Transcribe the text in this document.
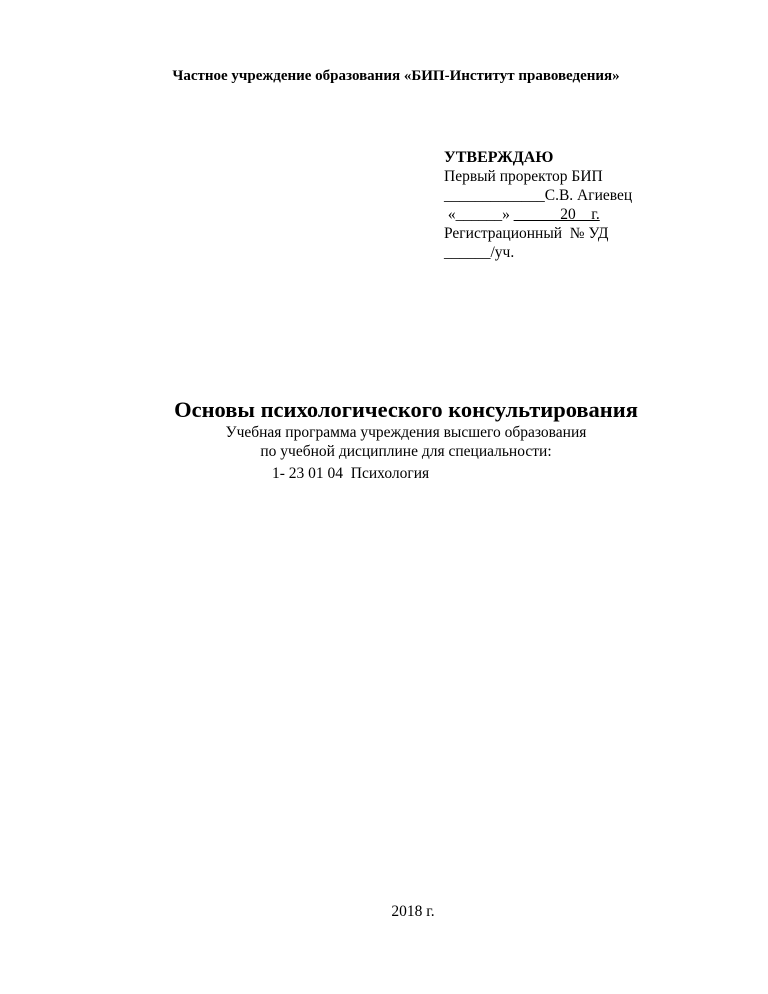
Частное учреждение образования «БИП-Институт правоведения»
УТВЕРЖДАЮ
Первый проректор БИП
_____________С.В. Агиевец
«______» ______20__г.
Регистрационный  № УД
______/уч.
Основы психологического консультирования
Учебная программа учреждения высшего образования
по учебной дисциплине для специальности:
1- 23 01 04  Психология
2018 г.
